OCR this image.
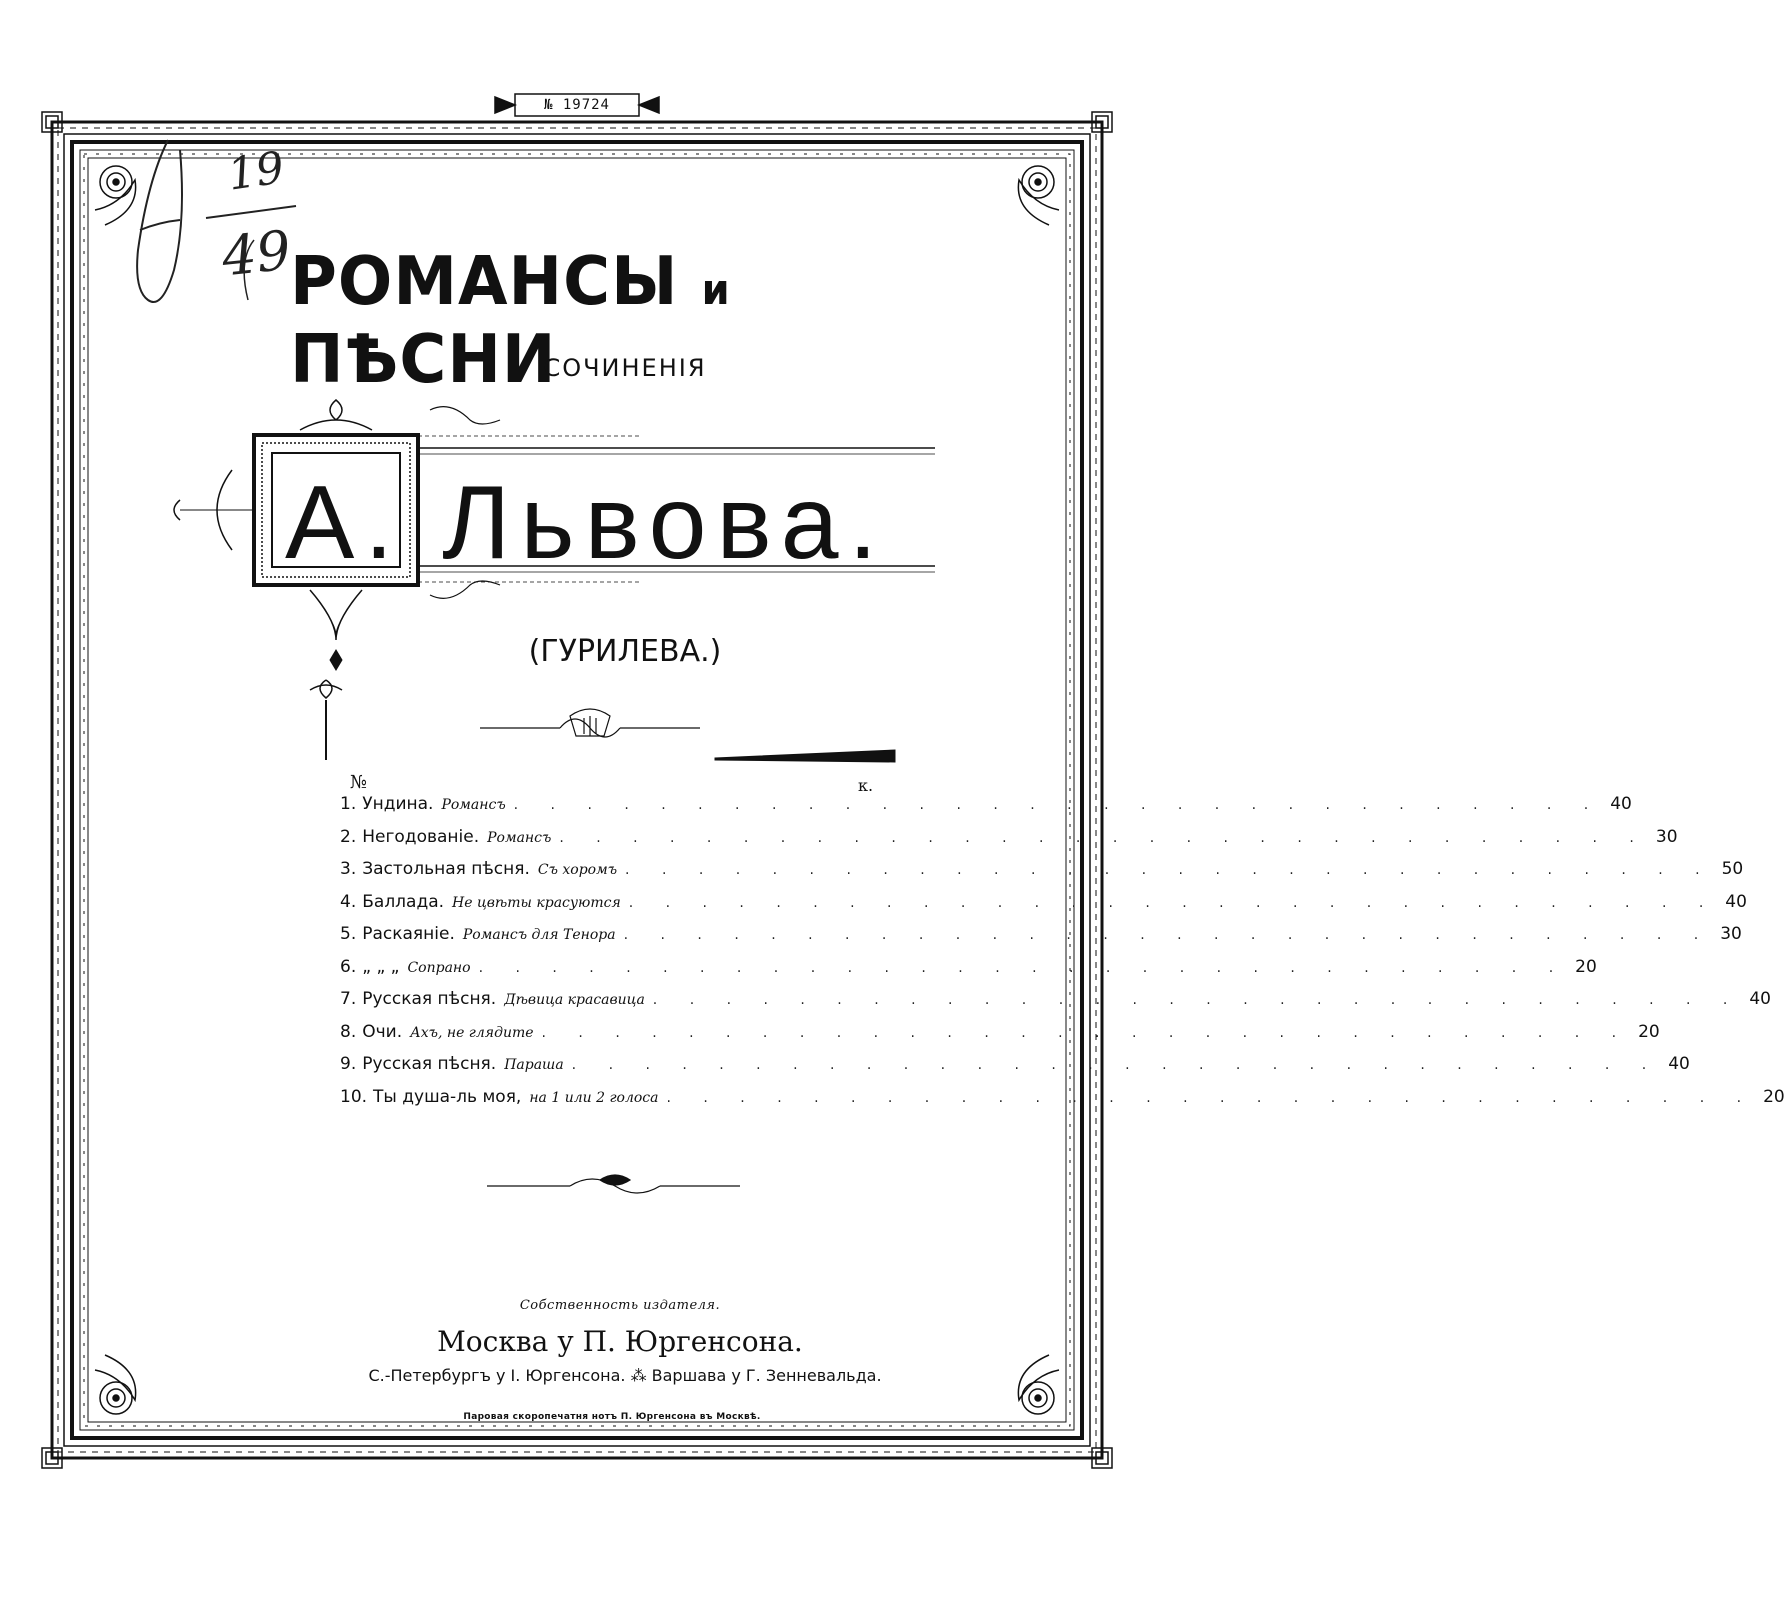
№ 19724
19
49
РОМАНСЫ и ПѢСНИ
СОЧИНЕНІЯ
А. Львова.
(ГУРИЛЕВА.)
№	к.
1. Ундина. Романсъ . . . . . . . . . . . . . . . . . . . . . . . . . . . . . . 40
2. Негодованіе. Романсъ . . . . . . . . . . . . . . . . . . . . . . . . . . . . . . 30
3. Застольная пѣсня. Съ хоромъ . . . . . . . . . . . . . . . . . . . . . . . . . . . . . . 50
4. Баллада. Не цвѣты красуются . . . . . . . . . . . . . . . . . . . . . . . . . . . . . . 40
5. Раскаяніе. Романсъ для Тенора . . . . . . . . . . . . . . . . . . . . . . . . . . . . . . 30
6. „ „ „ Сопрано . . . . . . . . . . . . . . . . . . . . . . . . . . . . . . 20
7. Русская пѣсня. Дѣвица красавица . . . . . . . . . . . . . . . . . . . . . . . . . . . . . . 40
8. Очи. Ахъ, не глядите . . . . . . . . . . . . . . . . . . . . . . . . . . . . . . 20
9. Русская пѣсня. Параша . . . . . . . . . . . . . . . . . . . . . . . . . . . . . . 40
10. Ты душа-ль моя, на 1 или 2 голоса . . . . . . . . . . . . . . . . . . . . . . . . . . . . . . 20
Собственность издателя.
Москва у П. Юргенсона.
С.-Петербургъ у І. Юргенсона. ⁂ Варшава у Г. Зенневальда.
Паровая скоропечатня нотъ П. Юргенсона въ Москвѣ.
